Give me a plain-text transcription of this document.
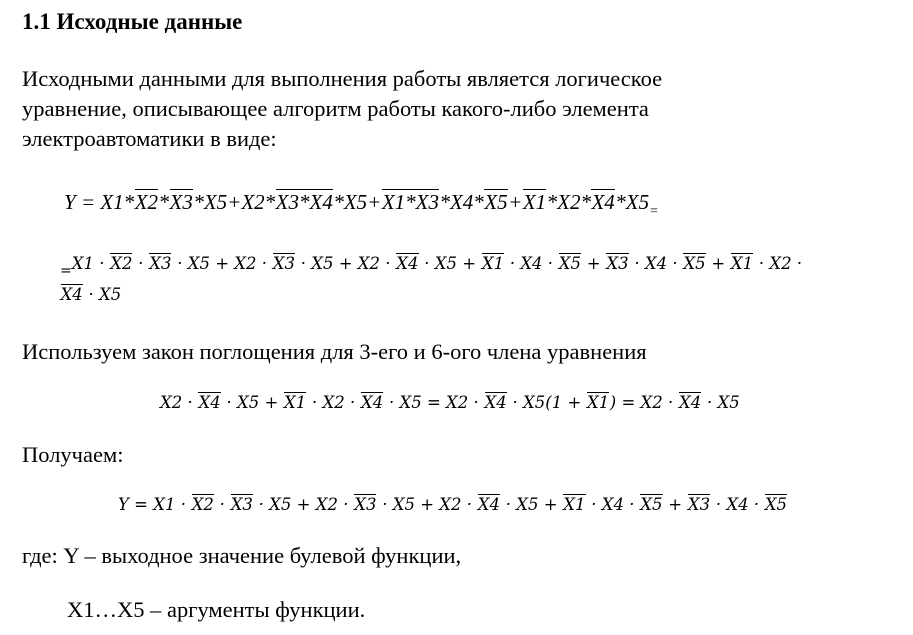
1.1 Исходные данные
Исходными данными для выполнения работы является логическое
уравнение, описывающее алгоритм работы какого-либо элемента
электроавтоматики в виде:
$Y = X1*X2*X3*X5+X2*X3*X4*X5+X1*X3*X4*X5+X1*X2*X4*X5_=$
$_=$X1 · X2 · X3 · X5 + X2 · X3 · X5 + X2 · X4 · X5 + X1 · X4 · X5 + X3 · X4 · X5 + X1 · X2 ·
X4 · X5
Используем закон поглощения для 3-его и 6-ого члена уравнения
X2 · X4 · X5 + X1 · X2 · X4 · X5 = X2 · X4 · X5(1 + X1) = X2 · X4 · X5
Получаем:
Y = X1 · X2 · X3 · X5 + X2 · X3 · X5 + X2 · X4 · X5 + X1 · X4 · X5 + X3 · X4 · X5
где: Y – выходное значение булевой функции,
X1…X5 – аргументы функции.
